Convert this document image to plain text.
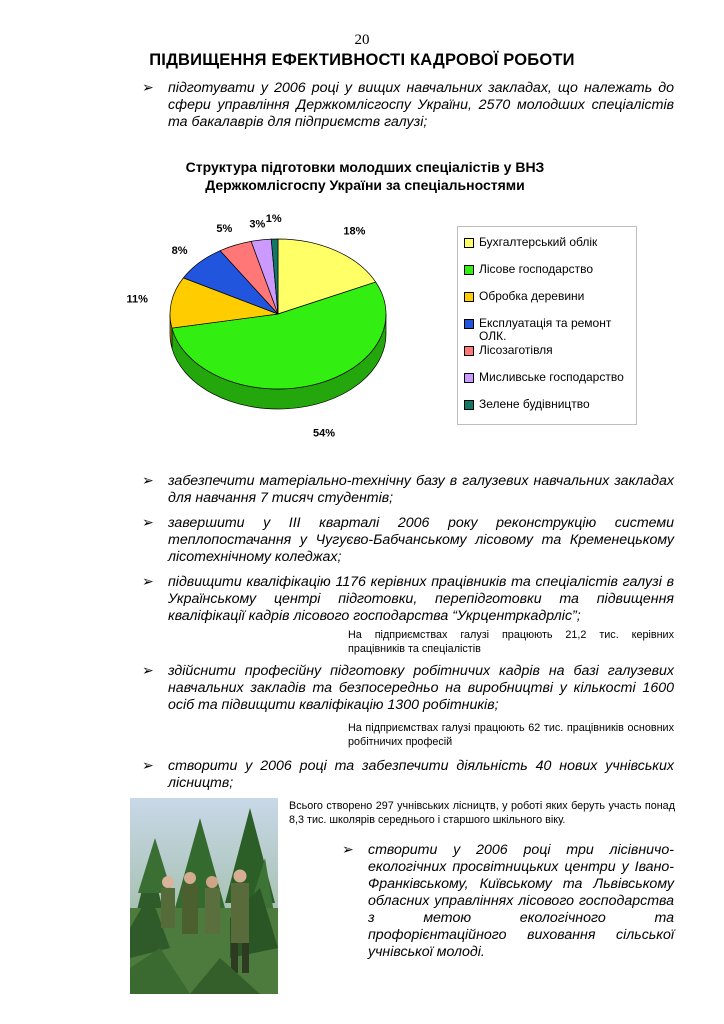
20
ПІДВИЩЕННЯ ЕФЕКТИВНОСТІ КАДРОВОЇ РОБОТИ
➢ підготувати у 2006 році у вищих навчальних закладах, що належать до сфери управління Держкомлісгоспу України, 2570 молодших спеціалістів та бакалаврів для підприємств галузі;
Структура підготовки молодших спеціалістів у ВНЗ Держкомлісгоспу України за спеціальностями
18%
54%
11%
8%
5% 3% 1%
Бухгалтерський облік
Лісове господарство
Обробка деревини
Експлуатація та ремонт ОЛК.
Лісозаготівля
Мисливське господарство
Зелене будівництво
➢ забезпечити матеріально-технічну базу в галузевих навчальних закладах для навчання 7 тисяч студентів;
➢ завершити у ІІІ кварталі 2006 року реконструкцію системи теплопостачання у Чугуєво-Бабчанському лісовому та Кременецькому лісотехнічному коледжах;
➢ підвищити кваліфікацію 1176 керівних працівників та спеціалістів галузі в Українському центрі підготовки, перепідготовки та підвищення кваліфікації кадрів лісового господарства “Укрцентркадрліс”;
На підприємствах галузі працюють 21,2 тис. керівних працівників та спеціалістів
➢ здійснити професійну підготовку робітничих кадрів на базі галузевих навчальних закладів та безпосередньо на виробництві у кількості 1600 осіб та підвищити кваліфікацію 1300 робітників;
На підприємствах галузі працюють 62 тис. працівників основних робітничих професій
➢ створити у 2006 році та забезпечити діяльність 40 нових учнівських лісництв;
Всього створено 297 учнівських лісництв, у роботі яких беруть участь понад 8,3 тис. школярів середнього і старшого шкільного віку.
➢ створити у 2006 році три лісівничо-екологічних просвітницьких центри у Івано-Франківському, Київському та Львівському обласних управліннях лісового господарства з метою екологічного та профорієнтаційного виховання сільської учнівської молоді.
